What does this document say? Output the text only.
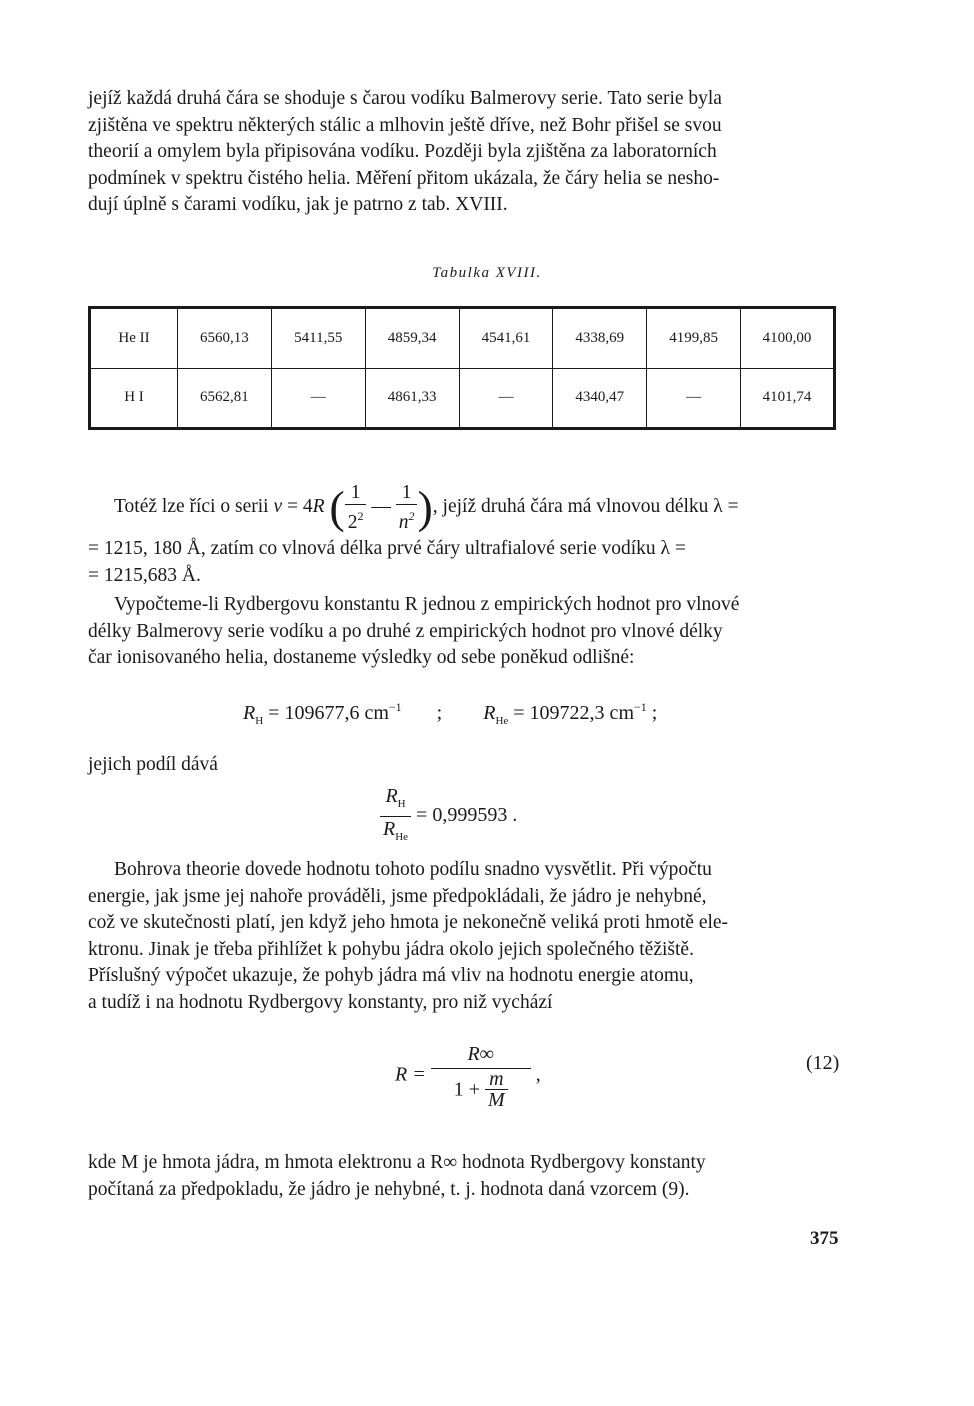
jejíž každá druhá čára se shoduje s čarou vodíku Balmerovy serie. Tato serie byla
zjištěna ve spektru některých stálic a mlhovin ještě dříve, než Bohr přišel se svou
theorií a omylem byla připisována vodíku. Později byla zjištěna za laboratorních
podmínek v spektru čistého helia. Měření přitom ukázala, že čáry helia se nesho-
dují úplně s čarami vodíku, jak je patrno z tab. XVIII.
Tabulka XVIII.
He II	6560,13	5411,55	4859,34	4541,61	4338,69	4199,85	4100,00
H I	6562,81	—	4861,33	—	4340,47	—	4101,74
Totéž lze říci o serii ν = 4R ( $\frac{1}{2^2}$ — $\frac{1}{n^2}$ ), jejíž druhá čára má vlnovou délku λ =
= 1215, 180 Å, zatím co vlnová délka prvé čáry ultrafialové serie vodíku λ =
= 1215,683 Å.
Vypočteme-li Rydbergovu konstantu R jednou z empirických hodnot pro vlnové
délky Balmerovy serie vodíku a po druhé z empirických hodnot pro vlnové délky
čar ionisovaného helia, dostaneme výsledky od sebe poněkud odlišné:
$R_H = 109677,6$ $cm^{-1}$ ; $R_{He} = 109722,3$ $cm^{-1}$ ;
jejich podíl dává
$\frac{R_H}{R_{He}} = 0,999593$ .
Bohrova theorie dovede hodnotu tohoto podílu snadno vysvětlit. Při výpočtu
energie, jak jsme jej nahoře prováděli, jsme předpokládali, že jádro je nehybné,
což ve skutečnosti platí, jen když jeho hmota je nekonečně veliká proti hmotě ele-
ktronu. Jinak je třeba přihlížet k pohybu jádra okolo jejich společného těžiště.
Příslušný výpočet ukazuje, že pohyb jádra má vliv na hodnotu energie atomu,
a tudíž i na hodnotu Rydbergovy konstanty, pro niž vychází
$R = \frac{R\infty}{1 + \frac{m}{M}}$ ,
(12)
kde M je hmota jádra, m hmota elektronu a R∞ hodnota Rydbergovy konstanty
počítaná za předpokladu, že jádro je nehybné, t. j. hodnota daná vzorcem (9).
375
